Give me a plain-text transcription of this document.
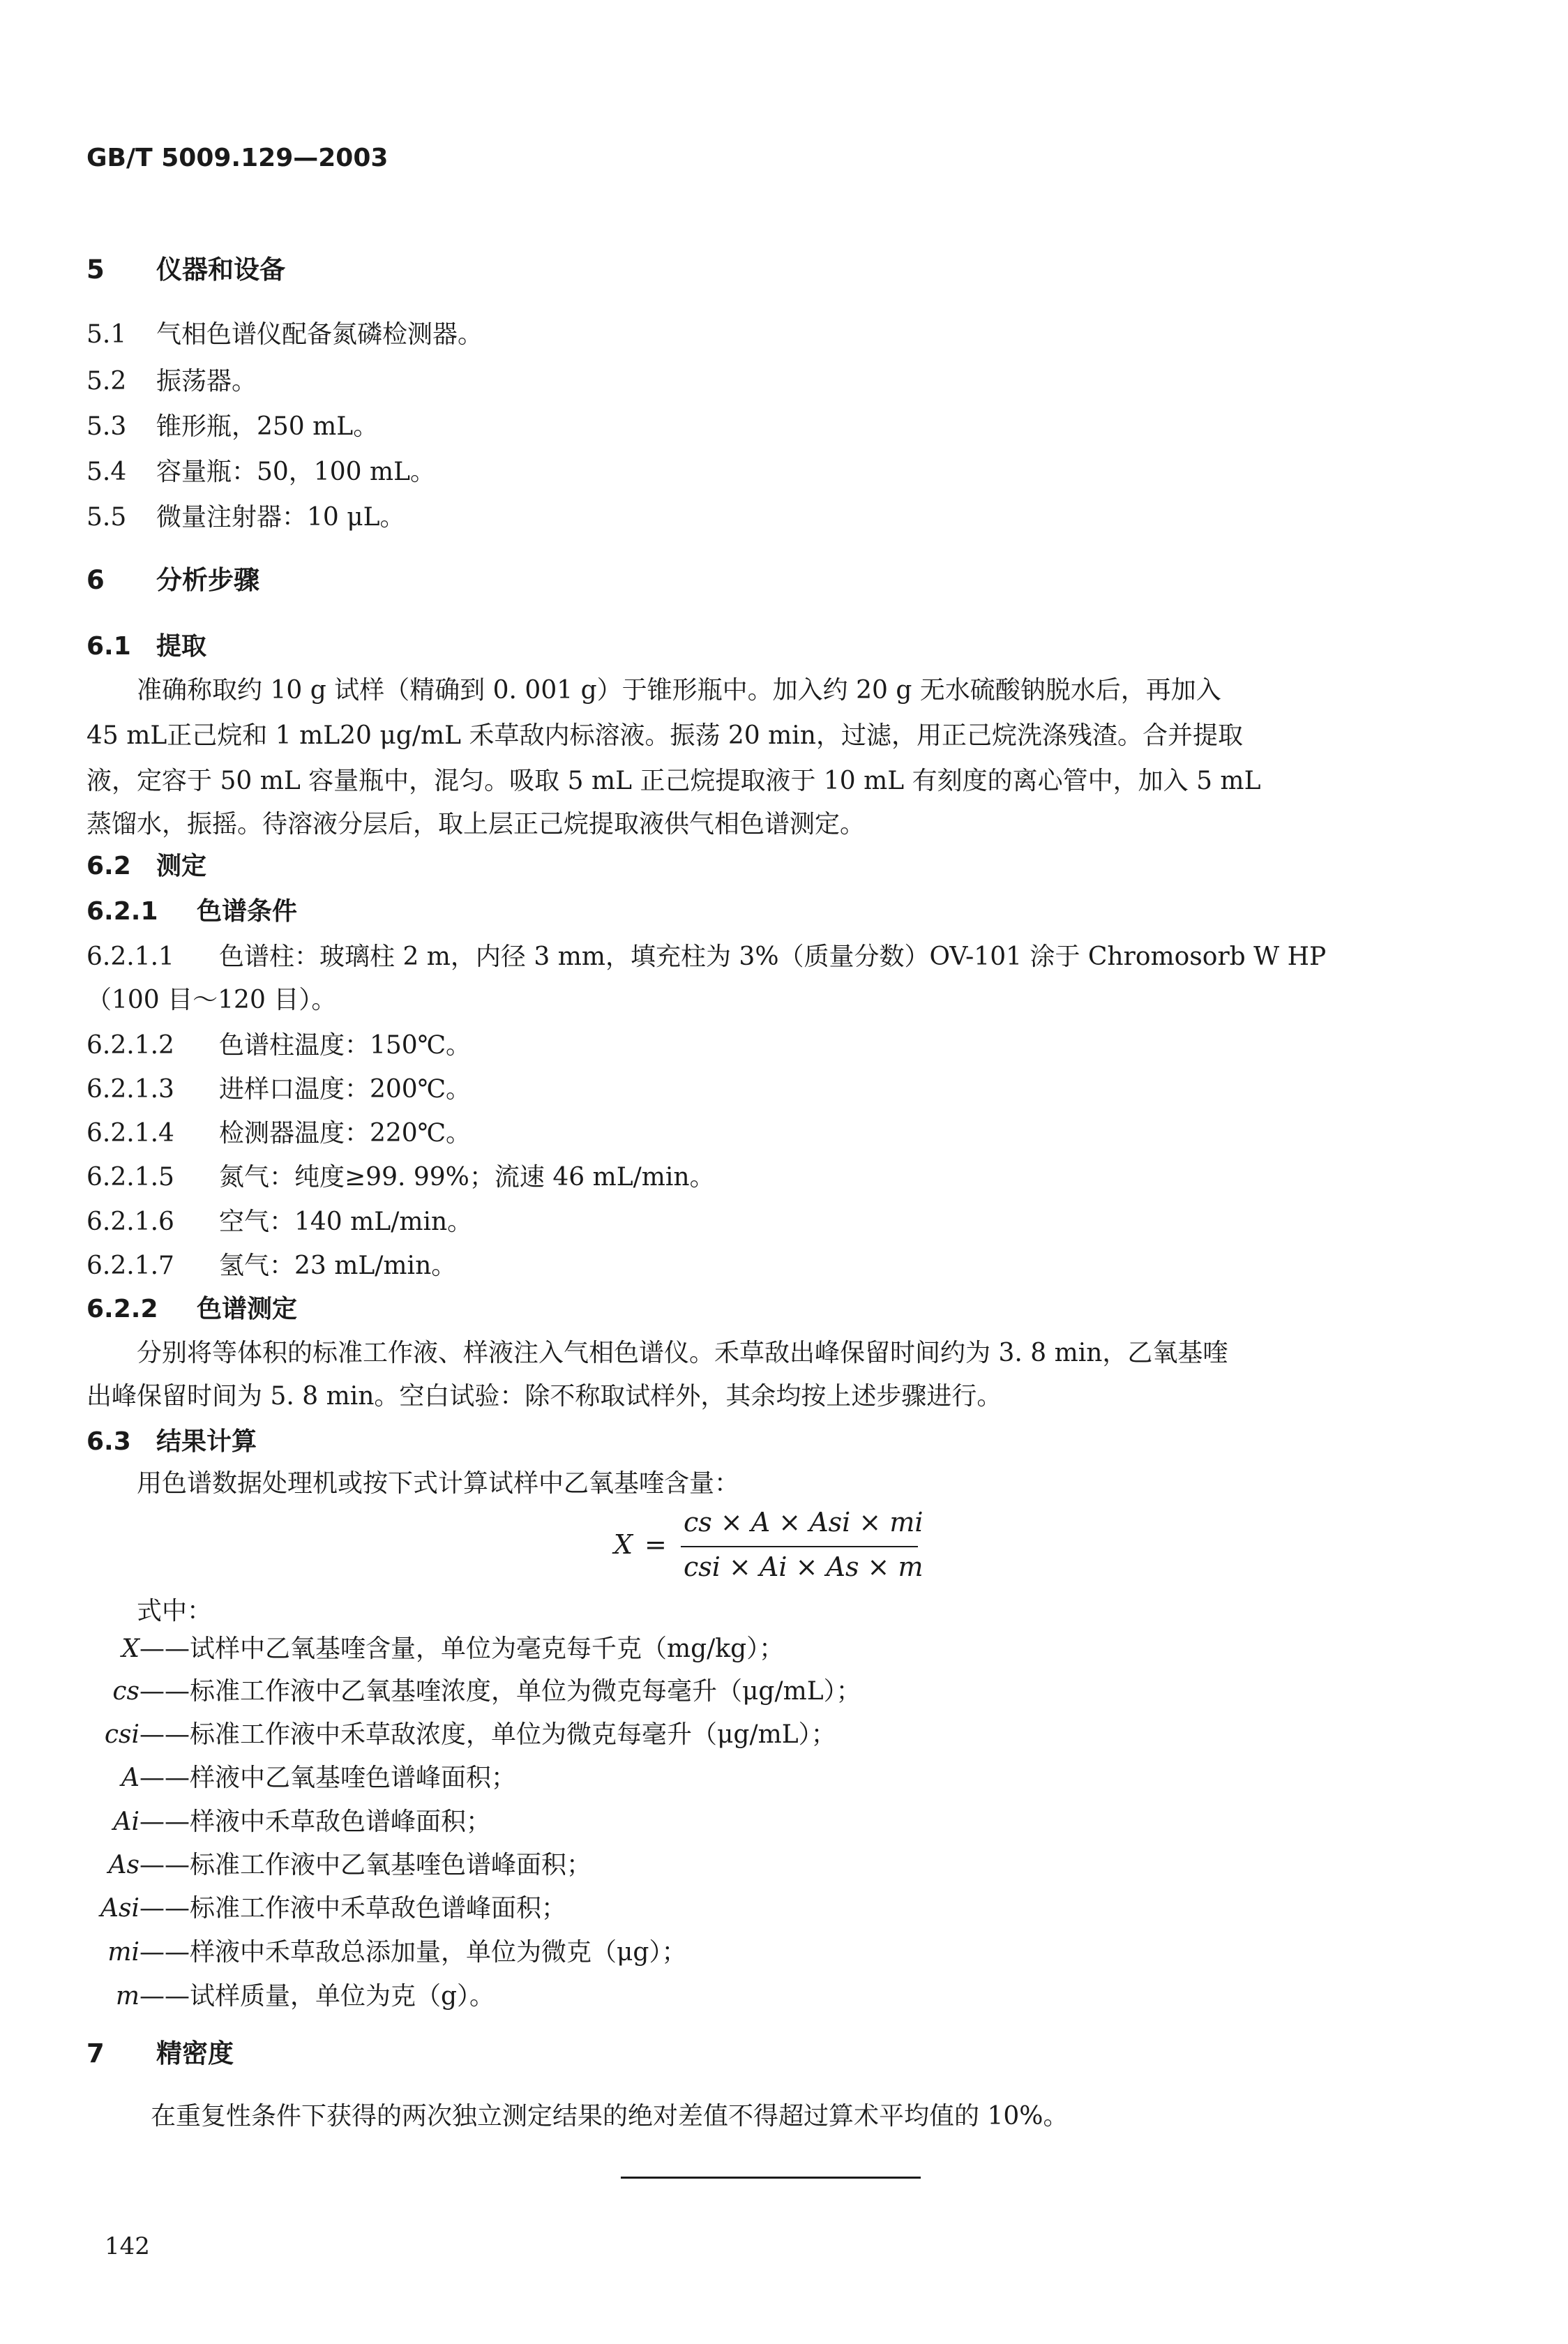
GB/T 5009.129—2003
5 仪器和设备
5.1 气相色谱仪配备氮磷检测器。
5.2 振荡器。
5.3 锥形瓶，250 mL。
5.4 容量瓶：50，100 mL。
5.5 微量注射器：10 μL。
6 分析步骤
6.1 提取
准确称取约 10 g 试样（精确到 0. 001 g）于锥形瓶中。加入约 20 g 无水硫酸钠脱水后，再加入
45 mL正己烷和 1 mL20 μg/mL 禾草敌内标溶液。振荡 20 min，过滤，用正己烷洗涤残渣。合并提取
液，定容于 50 mL 容量瓶中，混匀。吸取 5 mL 正己烷提取液于 10 mL 有刻度的离心管中，加入 5 mL
蒸馏水，振摇。待溶液分层后，取上层正己烷提取液供气相色谱测定。
6.2 测定
6.2.1 色谱条件
6.2.1.1 色谱柱：玻璃柱 2 m，内径 3 mm，填充柱为 3%（质量分数）OV-101 涂于 Chromosorb W HP
（100 目～120 目）。
6.2.1.2 色谱柱温度：150℃。
6.2.1.3 进样口温度：200℃。
6.2.1.4 检测器温度：220℃。
6.2.1.5 氮气：纯度≥99. 99%；流速 46 mL/min。
6.2.1.6 空气：140 mL/min。
6.2.1.7 氢气：23 mL/min。
6.2.2 色谱测定
分别将等体积的标准工作液、样液注入气相色谱仪。禾草敌出峰保留时间约为 3. 8 min，乙氧基喹
出峰保留时间为 5. 8 min。空白试验：除不称取试样外，其余均按上述步骤进行。
6.3 结果计算
用色谱数据处理机或按下式计算试样中乙氧基喹含量：
X =
cs × A × Asi × mi
csi × Ai × As × m
式中：
X——试样中乙氧基喹含量，单位为毫克每千克（mg/kg）；
cs——标准工作液中乙氧基喹浓度，单位为微克每毫升（μg/mL）；
csi——标准工作液中禾草敌浓度，单位为微克每毫升（μg/mL）；
A——样液中乙氧基喹色谱峰面积；
Ai——样液中禾草敌色谱峰面积；
As——标准工作液中乙氧基喹色谱峰面积；
Asi——标准工作液中禾草敌色谱峰面积；
mi——样液中禾草敌总添加量，单位为微克（μg）；
m——试样质量，单位为克（g）。
7 精密度
在重复性条件下获得的两次独立测定结果的绝对差值不得超过算术平均值的 10%。
142
